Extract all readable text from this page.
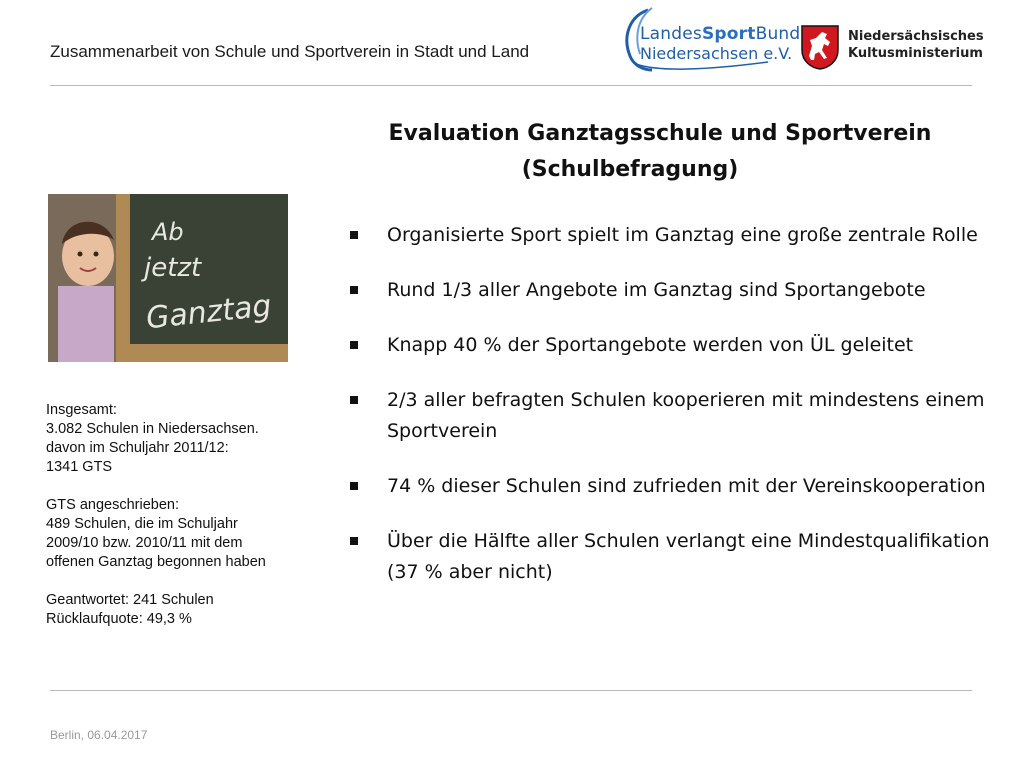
Zusammenarbeit von Schule und Sportverein in Stadt und Land
LandesSportBund
Niedersachsen e.V.
Niedersächsisches
Kultusministerium
Evaluation Ganztagsschule und Sportverein
(Schulbefragung)
Organisierte Sport spielt im Ganztag eine große zentrale Rolle
Rund 1/3 aller Angebote im Ganztag sind Sportangebote
Knapp 40 % der Sportangebote werden von ÜL geleitet
2/3 aller befragten Schulen kooperieren mit mindestens einem Sportverein
74 % dieser Schulen sind zufrieden mit der Vereinskooperation
Über die Hälfte aller Schulen verlangt eine Mindestqualifikation (37 % aber nicht)
Ab
jetzt
Ganztag

Insgesamt:
3.082 Schulen in Niedersachsen.
davon im Schuljahr 2011/12:
1341 GTS

GTS angeschrieben:
489 Schulen, die im Schuljahr
2009/10 bzw. 2010/11 mit dem
offenen Ganztag begonnen haben

Geantwortet: 241 Schulen
Rücklaufquote: 49,3 %

Berlin, 06.04.2017
